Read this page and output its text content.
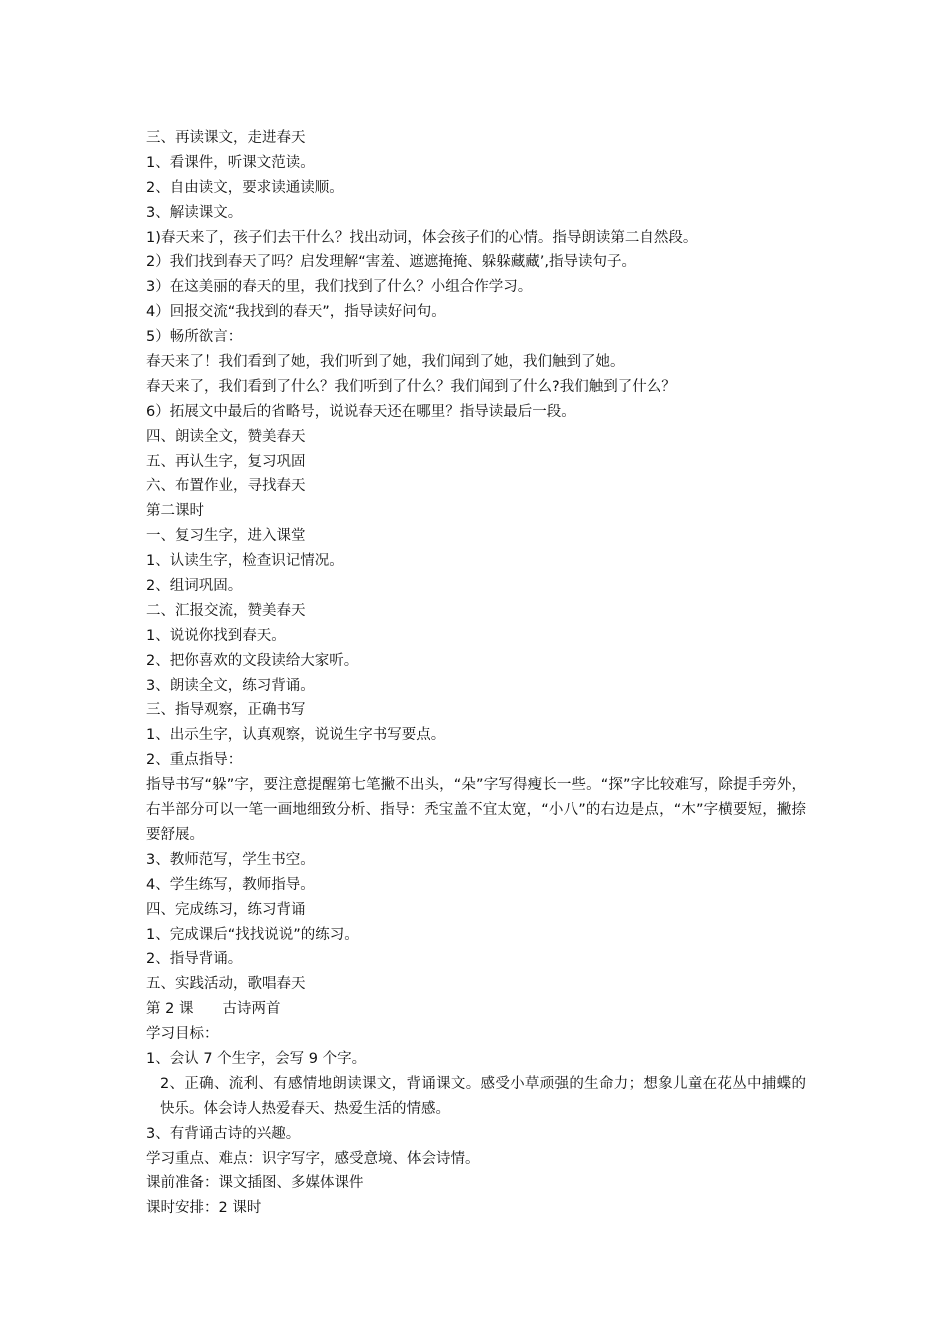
三、再读课文，走进春天
1、看课件，听课文范读。
2、自由读文，要求读通读顺。
3、解读课文。
1)春天来了，孩子们去干什么？找出动词，体会孩子们的心情。指导朗读第二自然段。
2）我们找到春天了吗？启发理解“害羞、遮遮掩掩、躲躲藏藏’,指导读句子。
3）在这美丽的春天的里，我们找到了什么？小组合作学习。
4）回报交流“我找到的春天”，指导读好问句。
5）畅所欲言：
春天来了！我们看到了她，我们听到了她，我们闻到了她，我们触到了她。
春天来了，我们看到了什么？我们听到了什么？我们闻到了什么?我们触到了什么？
6）拓展文中最后的省略号，说说春天还在哪里？指导读最后一段。
四、朗读全文，赞美春天
五、再认生字，复习巩固
六、布置作业，寻找春天
第二课时
一、复习生字，进入课堂
1、认读生字，检查识记情况。
2、组词巩固。
二、汇报交流，赞美春天
1、说说你找到春天。
2、把你喜欢的文段读给大家听。
3、朗读全文，练习背诵。
三、指导观察，正确书写
1、出示生字，认真观察，说说生字书写要点。
2、重点指导：
指导书写“躲”字，要注意提醒第七笔撇不出头，“朵”字写得瘦长一些。“探”字比较难写，除提手旁外，右半部分可以一笔一画地细致分析、指导：秃宝盖不宜太宽，“小八”的右边是点，“木”字横要短，撇捺要舒展。
3、教师范写，学生书空。
4、学生练写，教师指导。
四、完成练习，练习背诵
1、完成课后“找找说说”的练习。
2、指导背诵。
五、实践活动，歌唱春天
第 2 课　　古诗两首
学习目标：
1、会认 7 个生字，会写 9 个字。
2、正确、流利、有感情地朗读课文，背诵课文。感受小草顽强的生命力；想象儿童在花丛中捕蝶的快乐。体会诗人热爱春天、热爱生活的情感。
3、有背诵古诗的兴趣。
学习重点、难点：识字写字，感受意境、体会诗情。
课前准备：课文插图、多媒体课件
课时安排：2 课时
